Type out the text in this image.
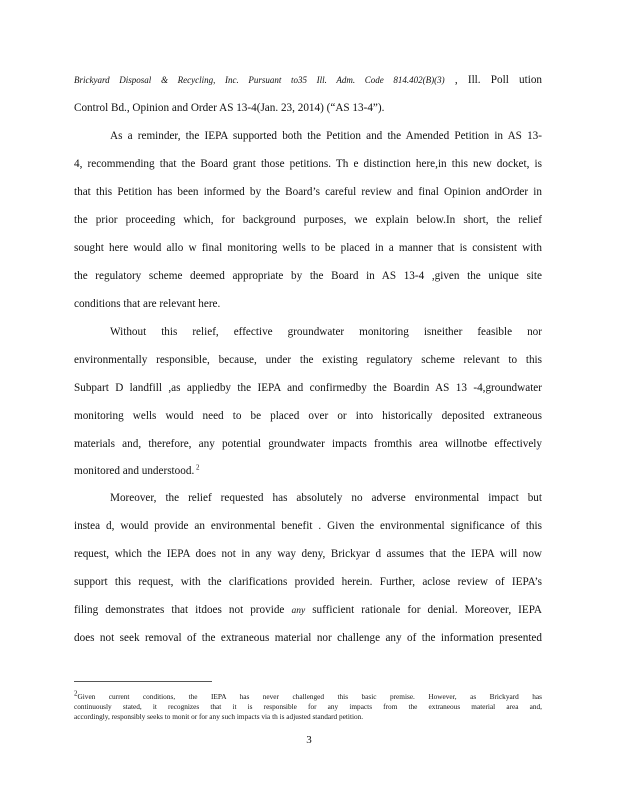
Brickyard Disposal & Recycling, Inc. Pursuant to35 Ill. Adm. Code 814.402(B)(3) , Ill. Poll ution
Control Bd., Opinion and Order AS 13-4(Jan. 23, 2014) (“AS 13-4”).
As a reminder, the IEPA supported both the Petition and the Amended Petition in AS 13-
4, recommending that the Board grant those petitions. Th e distinction here,in this new docket, is
that this Petition has been informed by the Board’s careful review and final Opinion andOrder in
the prior proceeding which, for background purposes, we explain below.In short, the relief
sought here would allo w final monitoring wells to be placed in a manner that is consistent with
the regulatory scheme deemed appropriate by the Board in AS 13-4 ,given the unique site
conditions that are relevant here.
Without this relief, effective groundwater monitoring isneither feasible nor
environmentally responsible, because, under the existing regulatory scheme relevant to this
Subpart D landfill ,as appliedby the IEPA and confirmedby the Boardin AS 13 -4,groundwater
monitoring wells would need to be placed over or into historically deposited extraneous
materials and, therefore, any potential groundwater impacts fromthis area willnotbe effectively
monitored and understood. $^2$
Moreover, the relief requested has absolutely no adverse environmental impact but
instea d, would provide an environmental benefit . Given the environmental significance of this
request, which the IEPA does not in any way deny, Brickyar d assumes that the IEPA will now
support this request, with the clarifications provided herein. Further, aclose review of IEPA’s
filing demonstrates that itdoes not provide any sufficient rationale for denial. Moreover, IEPA
does not seek removal of the extraneous material nor challenge any of the information presented
$^2$Given current conditions, the IEPA has never challenged this basic premise. However, as Brickyard has
continuously stated, it recognizes that it is responsible for any impacts from the extraneous material area and,
accordingly, responsibly seeks to monit or for any such impacts via th is adjusted standard petition.
3
